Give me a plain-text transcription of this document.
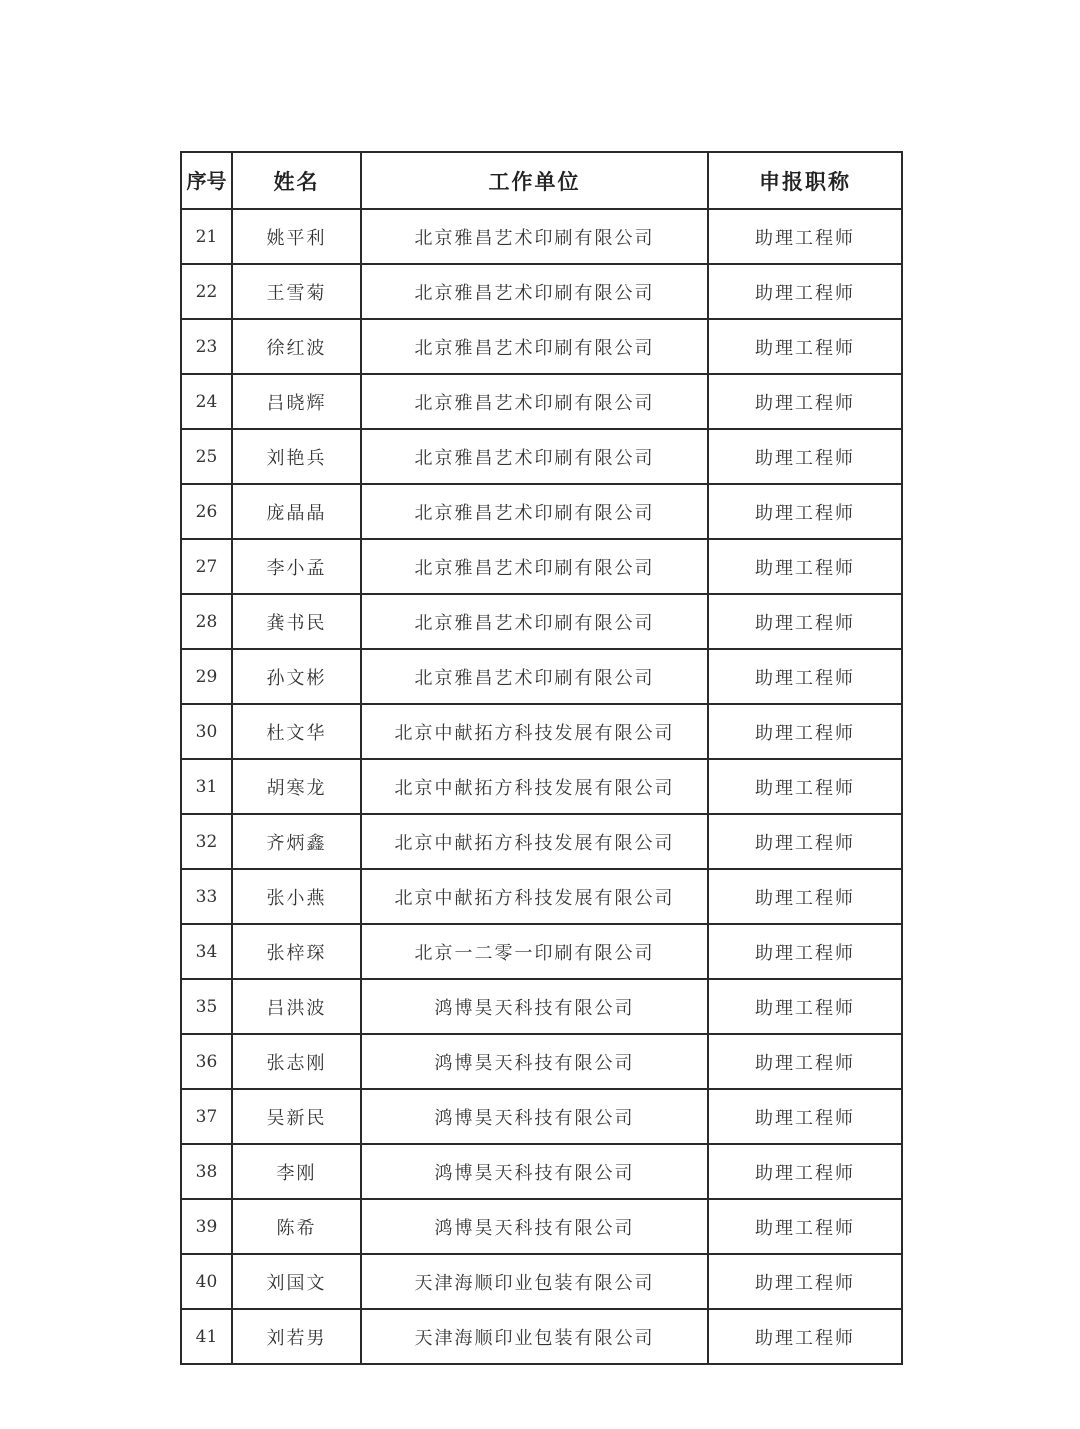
序号	姓名	工作单位	申报职称
21	姚平利	北京雅昌艺术印刷有限公司	助理工程师
22	王雪菊	北京雅昌艺术印刷有限公司	助理工程师
23	徐红波	北京雅昌艺术印刷有限公司	助理工程师
24	吕晓辉	北京雅昌艺术印刷有限公司	助理工程师
25	刘艳兵	北京雅昌艺术印刷有限公司	助理工程师
26	庞晶晶	北京雅昌艺术印刷有限公司	助理工程师
27	李小孟	北京雅昌艺术印刷有限公司	助理工程师
28	龚书民	北京雅昌艺术印刷有限公司	助理工程师
29	孙文彬	北京雅昌艺术印刷有限公司	助理工程师
30	杜文华	北京中献拓方科技发展有限公司	助理工程师
31	胡寒龙	北京中献拓方科技发展有限公司	助理工程师
32	齐炳鑫	北京中献拓方科技发展有限公司	助理工程师
33	张小燕	北京中献拓方科技发展有限公司	助理工程师
34	张梓琛	北京一二零一印刷有限公司	助理工程师
35	吕洪波	鸿博昊天科技有限公司	助理工程师
36	张志刚	鸿博昊天科技有限公司	助理工程师
37	吴新民	鸿博昊天科技有限公司	助理工程师
38	李刚	鸿博昊天科技有限公司	助理工程师
39	陈希	鸿博昊天科技有限公司	助理工程师
40	刘国文	天津海顺印业包装有限公司	助理工程师
41	刘若男	天津海顺印业包装有限公司	助理工程师
